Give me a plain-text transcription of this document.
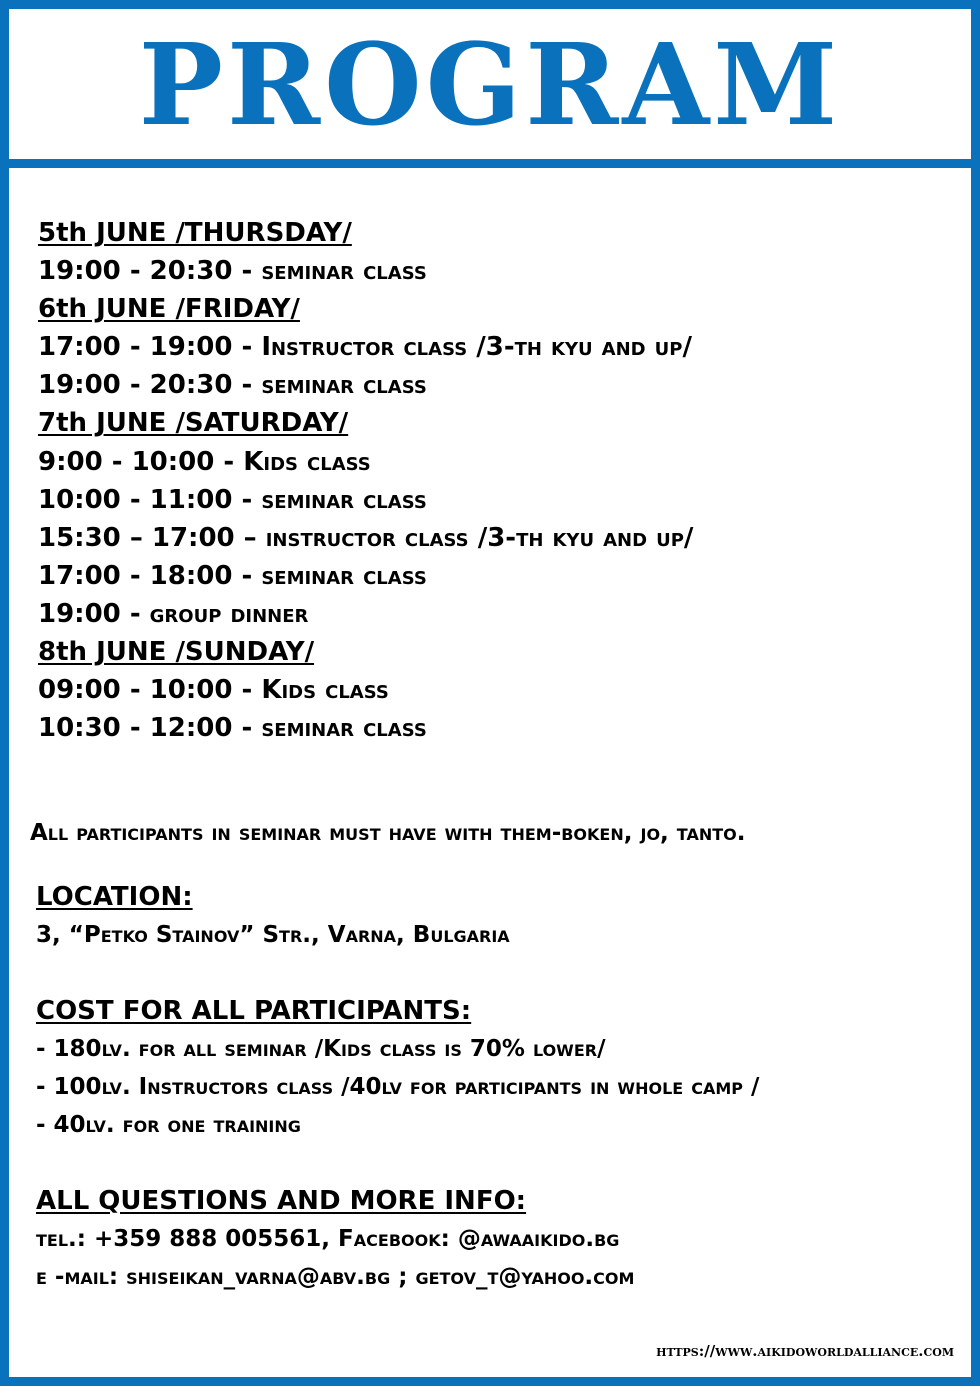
PROGRAM
5th JUNE /THURSDAY/
19:00 - 20:30 - seminar class
6th JUNE /FRIDAY/
17:00 - 19:00 - Instructor class /3-th kyu and up/
19:00 - 20:30 - seminar class
7th JUNE /SATURDAY/
9:00 - 10:00 - Kids class
10:00 - 11:00 - seminar class
15:30 – 17:00 – instructor class /3-th kyu and up/
17:00 - 18:00 - seminar class
19:00 - group dinner
8th JUNE /SUNDAY/
09:00 - 10:00 - Kids class
10:30 - 12:00 - seminar class
All participants in seminar must have with them-boken, jo, tanto.
LOCATION:
3, “Petko Stainov” Str., Varna, Bulgaria
COST FOR ALL PARTICIPANTS:
- 180lv. for all seminar /Kids class is 70% lower/
- 100lv. Instructors class /40lv for participants in whole camp /
- 40lv. for one training
ALL QUESTIONS AND MORE INFO:
tel.: +359 888 005561, Facebook: @awaaikido.bg
e -mail: shiseikan_varna@abv.bg ; getov_t@yahoo.com
https://www.aikidoworldalliance.com
